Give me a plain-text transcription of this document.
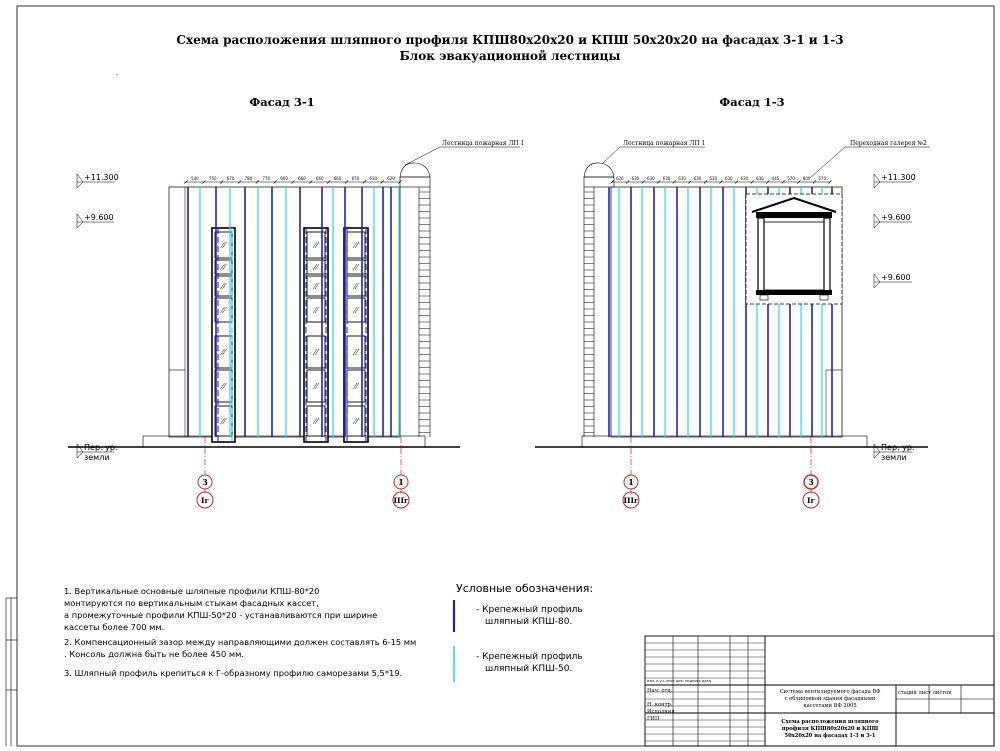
Схема расположения шляпного профиля КПШ80х20х20 и КПШ 50х20х20 на фасадах 3-1 и 1-3
Блок эвакуационной лестницы
Фасад 3-1	Фасад 1-3
540	750	670	780	770	660	660	660	660	670	630	620
Лестница пожарная ЛП 1
+11.300
+9.600
Пер. ур.
земли
3
Iг
1
IIIг
620 630 630 630 630 630 630 630 630 630 445 570 800 570
Лестница пожарная ЛП 1	Переходная галерея №2
+11.300
+9.600
+9.600
Пер. ур.
земли
1
IIIг
3
Iг
1. Вертикальные основные шляпные профили КПШ-80*20
монтируются по вертикальным стыкам фасадных кассет,
а промежуточные профили КПШ-50*20 - устанавливаются при ширине
кассеты более 700 мм.
2. Компенсационный зазор между направляющими должен составлять 6-15 мм
. Консоль должна быть не более 450 мм.
3. Шляпный профиль крепиться к Г-образному профилю саморезами 5,5*19.
Условные обозначения:
- Крепежный профиль
шляпный КПШ-80.
- Крепежный профиль
шляпный КПШ-50.
изм. к.уч. лист док. подпись дата
Нач. отд.
Н. контр.
Исполнил
ГИП
Система вентилируемого фасада ВФ
с облицовкой здания фасадными
кассетами ВФ 2005
стадия лист листов
Схема расположения шляпного
профиля КПШ80х20х20 и КПШ
50х20х20 на фасадах 1-3 и 3-1
-
